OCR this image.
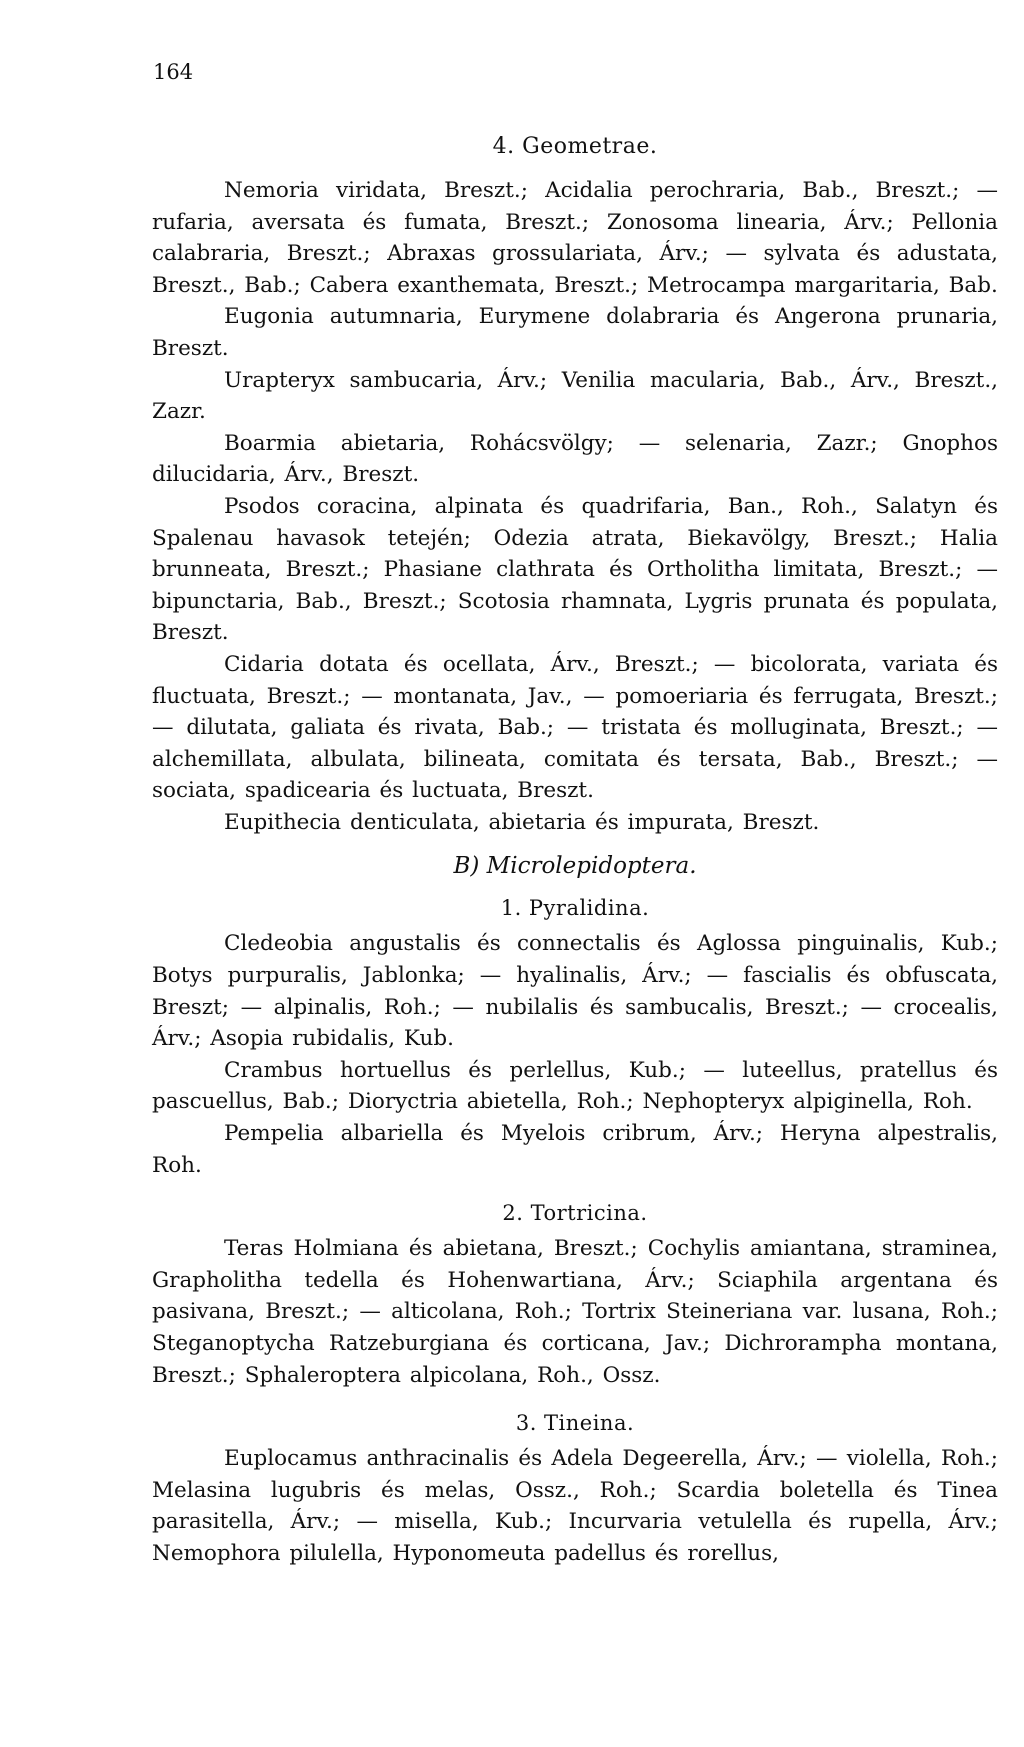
164
4. Geometrae.

Nemoria viridata, Breszt.; Acidalia perochraria, Bab., Breszt.; — rufaria, aversata és fumata, Breszt.; Zonosoma linearia, Árv.; Pellonia calabraria, Breszt.; Abraxas grossulariata, Árv.; — sylvata és adustata, Breszt., Bab.; Cabera exanthemata, Breszt.; Metrocampa margaritaria, Bab.

Eugonia autumnaria, Eurymene dolabraria és Angerona prunaria, Breszt.

Urapteryx sambucaria, Árv.; Venilia macularia, Bab., Árv., Breszt., Zazr.

Boarmia abietaria, Rohácsvölgy; — selenaria, Zazr.; Gnophos dilucidaria, Árv., Breszt.

Psodos coracina, alpinata és quadrifaria, Ban., Roh., Salatyn és Spalenau havasok tetején; Odezia atrata, Biekavölgy, Breszt.; Halia brunneata, Breszt.; Phasiane clathrata és Ortholitha limitata, Breszt.; — bipunctaria, Bab., Breszt.; Scotosia rhamnata, Lygris prunata és populata, Breszt.

Cidaria dotata és ocellata, Árv., Breszt.; — bicolorata, variata és fluctuata, Breszt.; — montanata, Jav., — pomoeriaria és ferrugata, Breszt.; — dilutata, galiata és rivata, Bab.; — tristata és molluginata, Breszt.; — alchemillata, albulata, bilineata, comitata és tersata, Bab., Breszt.; — sociata, spadicearia és luctuata, Breszt.

Eupithecia denticulata, abietaria és impurata, Breszt.

B) Microlepidoptera.
1. Pyralidina.

Cledeobia angustalis és connectalis és Aglossa pinguinalis, Kub.; Botys purpuralis, Jablonka; — hyalinalis, Árv.; — fascialis és obfuscata, Breszt; — alpinalis, Roh.; — nubilalis és sambucalis, Breszt.; — crocealis, Árv.; Asopia rubidalis, Kub.

Crambus hortuellus és perlellus, Kub.; — luteellus, pratellus és pascuellus, Bab.; Dioryctria abietella, Roh.; Nephopteryx alpiginella, Roh.

Pempelia albariella és Myelois cribrum, Árv.; Heryna alpestralis, Roh.

2. Tortricina.

Teras Holmiana és abietana, Breszt.; Cochylis amiantana, straminea, Grapholitha tedella és Hohenwartiana, Árv.; Sciaphila argentana és pasivana, Breszt.; — alticolana, Roh.; Tortrix Steineriana var. lusana, Roh.; Steganoptycha Ratzeburgiana és corticana, Jav.; Dichrorampha montana, Breszt.; Sphaleroptera alpicolana, Roh., Ossz.

3. Tineina.

Euplocamus anthracinalis és Adela Degeerella, Árv.; — violella, Roh.; Melasina lugubris és melas, Ossz., Roh.; Scardia boletella és Tinea parasitella, Árv.; — misella, Kub.; Incurvaria vetulella és rupella, Árv.; Nemophora pilulella, Hyponomeuta padellus és rorellus,
